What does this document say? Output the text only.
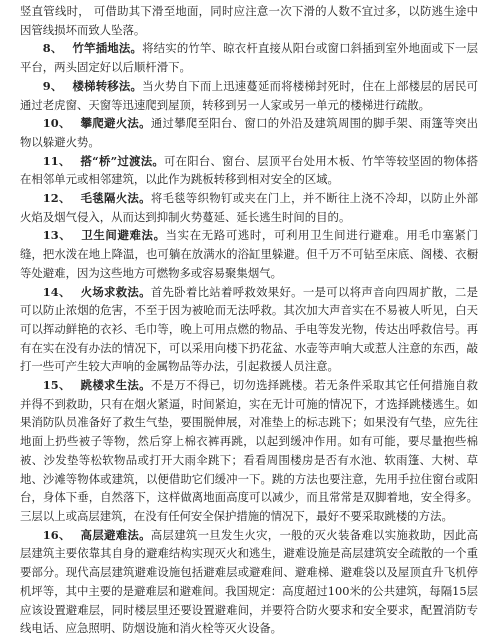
竖直管线时， 可借助其下滑至地面，同时应注意一次下滑的人数不宜过多，以防逃生途中因管线损坏而致人坠落。

8、 竹竿插地法。将结实的竹竿、晾衣杆直接从阳台或窗口斜插到室外地面或下一层平台，两头固定好以后顺杆滑下。

9、 楼梯转移法。当火势自下而上迅速蔓延而将楼梯封死时，住在上部楼层的居民可通过老虎窗、天窗等迅速爬到屋顶，转移到另一人家或另一单元的楼梯进行疏散。

10、 攀爬避火法。通过攀爬至阳台、窗口的外沿及建筑周围的脚手架、雨篷等突出物以躲避火势。

11、 搭“桥”过渡法。可在阳台、窗台、层顶平台处用木板、竹竿等较坚固的物体搭在相邻单元或相邻建筑，以此作为跳板转移到相对安全的区域。

12、 毛毯隔火法。将毛毯等织物钉或夹在门上，并不断往上浇不冷却，以防止外部火焰及烟气侵入，从而达到抑制火势蔓延、延长逃生时间的目的。

13、 卫生间避难法。当实在无路可逃时，可利用卫生间进行避难。用毛巾塞紧门缝，把水泼在地上降温，也可躺在放满水的浴缸里躲避。但千万不可钻至床底、阁楼、衣橱等处避难，因为这些地方可燃物多或容易聚集烟气。

14、 火场求救法。首先卧着比站着呼救效果好。一是可以将声音向四周扩散，二是可以防止浓烟的危害，不至于因为被呛而无法呼救。其次加大声音实在不易被人听见，白天可以挥动鲜艳的衣衫、毛巾等，晚上可用点燃的物品、手电等发光物，传达出呼救信号。再有在实在没有办法的情况下，可以采用向楼下扔花盆、水壶等声响大或惹人注意的东西，敲打一些可产生较大声响的金属物品等办法，引起救援人员注意。

15、 跳楼求生法。不是万不得已，切勿选择跳楼。若无条件采取其它任何措施自救并得不到救助，只有在烟火紧逼，时间紧迫，实在无计可施的情况下，才选择跳楼逃生。如果消防队员准备好了救生气垫，要围脱伸展，对准垫上的标志跳下；如果没有气垫，应先往地面上扔些被子等物，然后穿上棉衣裤再跳，以起到缓冲作用。如有可能，要尽量抱些棉被、沙发垫等松软物品或打开大雨伞跳下；看看周围楼房是否有水池、软雨篷、大树、草地、沙滩等物体或建筑，以便借助它们缓冲一下。跳的方法也要注意，先用手拉住窗台或阳台，身体下垂，自然落下，这样做离地面高度可以减少，而且常常是双脚着地，安全得多。三层以上或高层建筑，在没有任何安全保护措施的情况下，最好不要采取跳楼的方法。

16、 高层避难法。高层建筑一旦发生火灾，一般的灭火装备难以实施救助，因此高层建筑主要依靠其自身的避难结构实现灭火和逃生，避难设施是高层建筑安全疏散的一个重要部分。现代高层建筑避难设施包括避难层或避难间、避难梯、避难袋以及屋顶直升飞机停机坪等，其中主要的是避难层和避难间。我国规定：高度超过100米的公共建筑，每隔15层应该设置避难层，同时楼层里还要设置避难间，并要符合防火要求和安全要求，配置消防专线电话、应急照明、防烟设施和消火栓等灭火设备。
